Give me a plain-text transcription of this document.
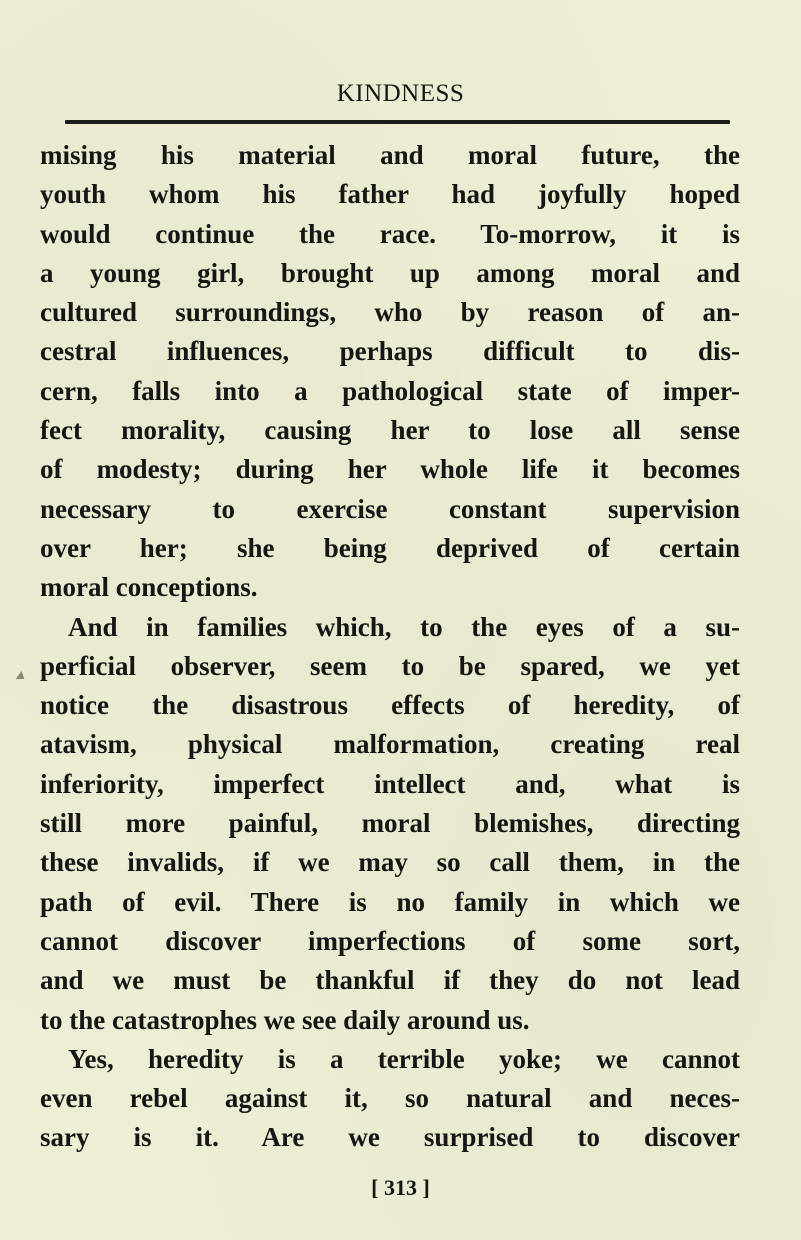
KINDNESS
mising his material and moral future, the
youth whom his father had joyfully hoped
would continue the race. To-morrow, it is
a young girl, brought up among moral and
cultured surroundings, who by reason of an-
cestral influences, perhaps difficult to dis-
cern, falls into a pathological state of imper-
fect morality, causing her to lose all sense
of modesty; during her whole life it becomes
necessary to exercise constant supervision
over her; she being deprived of certain
moral conceptions.
And in families which, to the eyes of a su-
perficial observer, seem to be spared, we yet
notice the disastrous effects of heredity, of
atavism, physical malformation, creating real
inferiority, imperfect intellect and, what is
still more painful, moral blemishes, directing
these invalids, if we may so call them, in the
path of evil. There is no family in which we
cannot discover imperfections of some sort,
and we must be thankful if they do not lead
to the catastrophes we see daily around us.
Yes, heredity is a terrible yoke; we cannot
even rebel against it, so natural and neces-
sary is it. Are we surprised to discover
[ 313 ]
